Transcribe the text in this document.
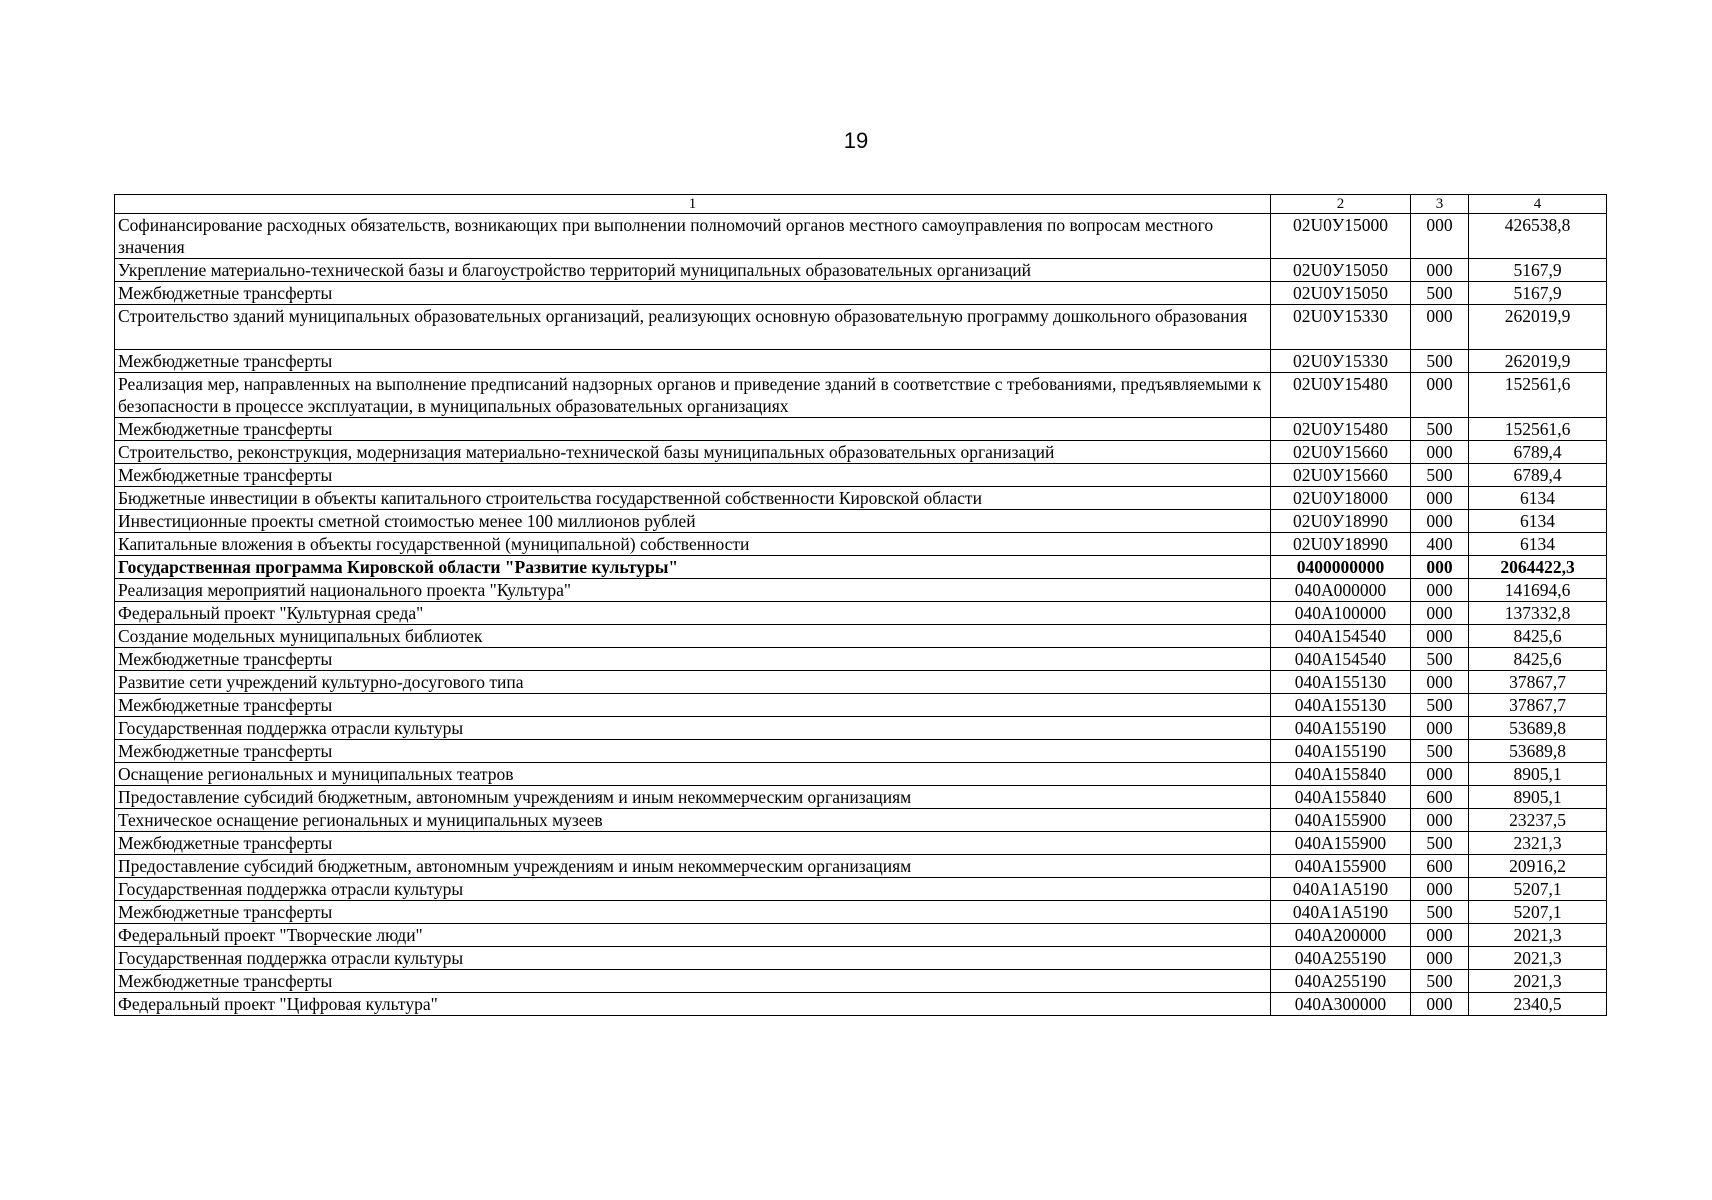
19
1	2	3	4
Софинансирование расходных обязательств, возникающих при выполнении полномочий органов местного самоуправления по вопросам местного значения	02U0У15000	000	426538,8
Укрепление материально-технической базы и благоустройство территорий муниципальных образовательных организаций	02U0У15050	000	5167,9
Межбюджетные трансферты	02U0У15050	500	5167,9
Строительство зданий муниципальных образовательных организаций, реализующих основную образовательную программу дошкольного образования	02U0У15330	000	262019,9
Межбюджетные трансферты	02U0У15330	500	262019,9
Реализация мер, направленных на выполнение предписаний надзорных органов и приведение зданий в соответствие с требованиями, предъявляемыми к безопасности в процессе эксплуатации, в муниципальных образовательных организациях	02U0У15480	000	152561,6
Межбюджетные трансферты	02U0У15480	500	152561,6
Строительство, реконструкция, модернизация материально-технической базы муниципальных образовательных организаций	02U0У15660	000	6789,4
Межбюджетные трансферты	02U0У15660	500	6789,4
Бюджетные инвестиции в объекты капитального строительства государственной собственности Кировской области	02U0У18000	000	6134
Инвестиционные проекты сметной стоимостью менее 100 миллионов рублей	02U0У18990	000	6134
Капитальные вложения в объекты государственной (муниципальной) собственности	02U0У18990	400	6134
Государственная программа Кировской области "Развитие культуры"	0400000000	000	2064422,3
Реализация мероприятий национального проекта "Культура"	040A000000	000	141694,6
Федеральный проект "Культурная среда"	040A100000	000	137332,8
Создание модельных муниципальных библиотек	040A154540	000	8425,6
Межбюджетные трансферты	040A154540	500	8425,6
Развитие сети учреждений культурно-досугового типа	040A155130	000	37867,7
Межбюджетные трансферты	040A155130	500	37867,7
Государственная поддержка отрасли культуры	040A155190	000	53689,8
Межбюджетные трансферты	040A155190	500	53689,8
Оснащение региональных и муниципальных театров	040A155840	000	8905,1
Предоставление субсидий бюджетным, автономным учреждениям и иным некоммерческим организациям	040A155840	600	8905,1
Техническое оснащение региональных и муниципальных музеев	040A155900	000	23237,5
Межбюджетные трансферты	040A155900	500	2321,3
Предоставление субсидий бюджетным, автономным учреждениям и иным некоммерческим организациям	040A155900	600	20916,2
Государственная поддержка отрасли культуры	040A1A5190	000	5207,1
Межбюджетные трансферты	040A1A5190	500	5207,1
Федеральный проект "Творческие люди"	040A200000	000	2021,3
Государственная поддержка отрасли культуры	040A255190	000	2021,3
Межбюджетные трансферты	040A255190	500	2021,3
Федеральный проект "Цифровая культура"	040A300000	000	2340,5
